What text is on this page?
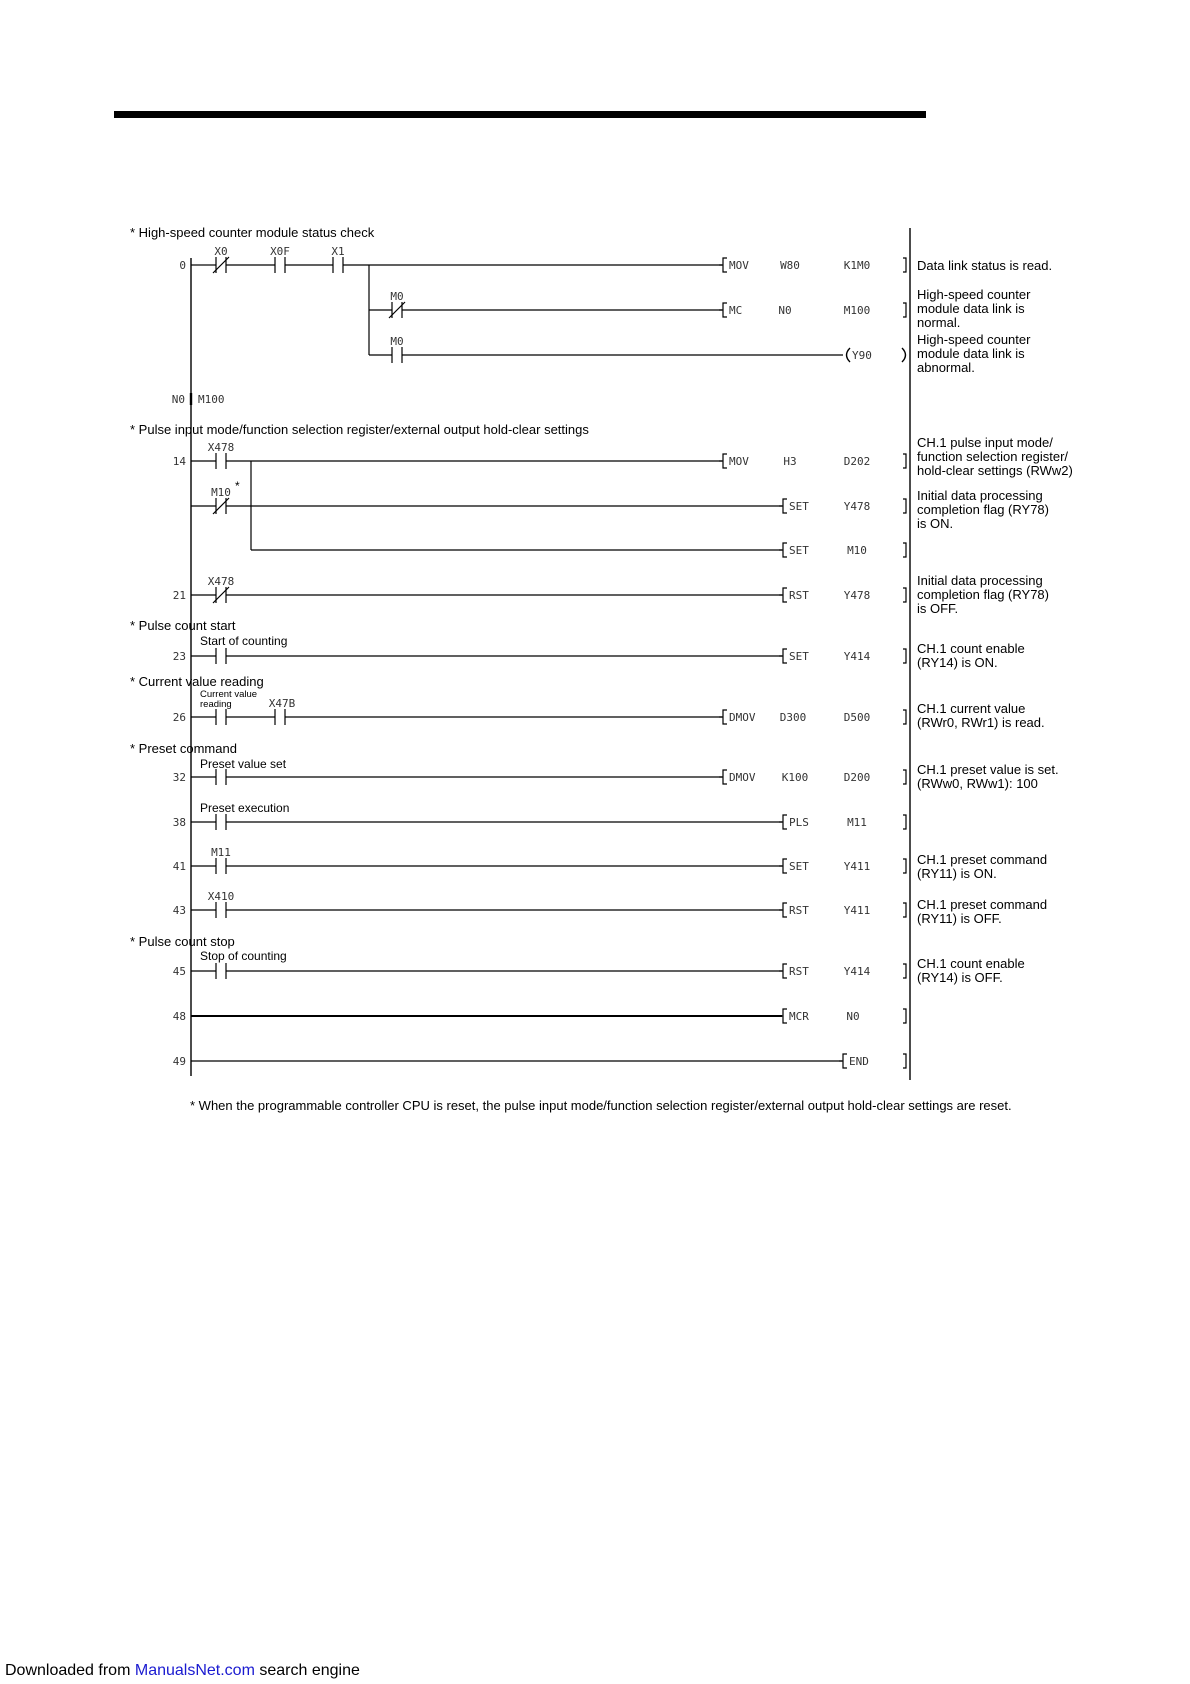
* High-speed counter module status check
0
X0	X0F	X1
MOV	W80	K1M0	Data link status is read.
M0
MC	N0	M100
High-speed counter
module data link is
normal.
M0
Y90
High-speed counter
module data link is
abnormal.
N0 M100
* Pulse input mode/function selection register/external output hold-clear settings
14
X478
MOV	H3	D202
CH.1 pulse input mode/
function selection register/
hold-clear settings (RWw2)
M10 *
SET	Y478
Initial data processing
completion flag (RY78)
is ON.
SET	M10
21
X478
RST	Y478
Initial data processing
completion flag (RY78)
is OFF.
* Pulse count start
23
Start of counting
SET	Y414
CH.1 count enable
(RY14) is ON.
* Current value reading
26
Current value
reading	X47B
DMOV D300	D500
CH.1 current value
(RWr0, RWr1) is read.
* Preset command
32
Preset value set
DMOV K100	D200
CH.1 preset value is set.
(RWw0, RWw1): 100
38
Preset execution
PLS	M11
41
M11
SET	Y411	CH.1 preset command
(RY11) is ON.
43
X410
RST	Y411	CH.1 preset command
(RY11) is OFF.
* Pulse count stop
45
Stop of counting
RST	Y414
CH.1 count enable
(RY14) is OFF.
48	MCR	N0
49	END
* When the programmable controller CPU is reset, the pulse input mode/function selection register/external output hold-clear settings are reset.
Downloaded from ManualsNet.com search engine
